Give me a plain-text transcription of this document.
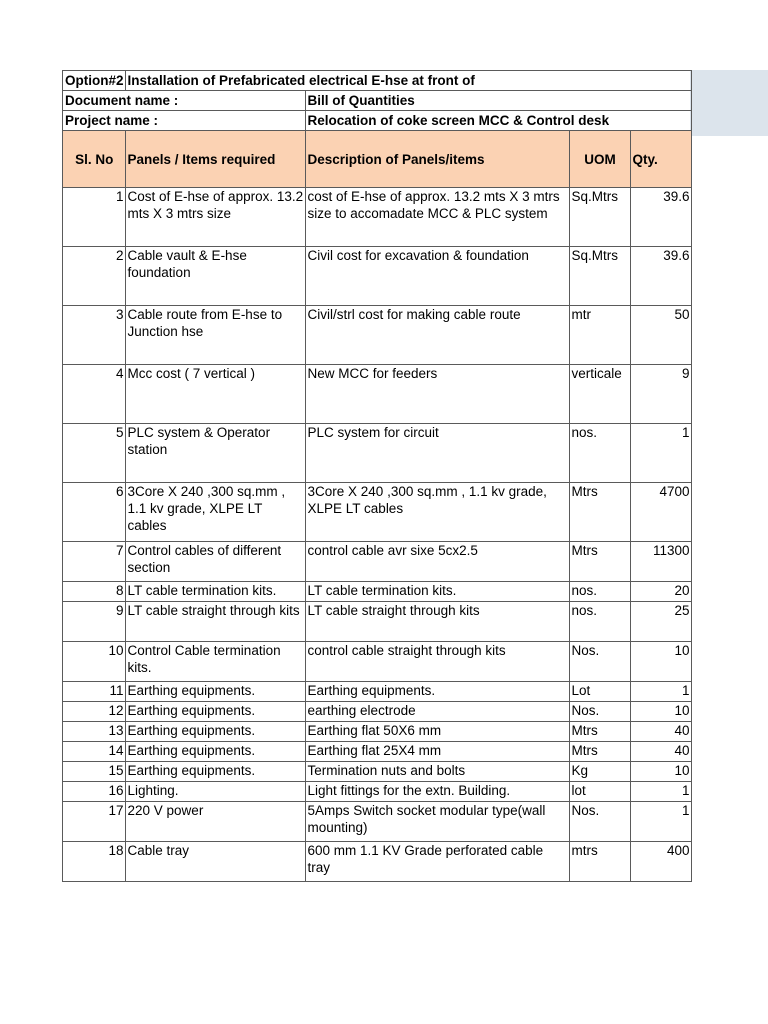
Option#2	Installation of Prefabricated electrical E-hse at front of			
Document name :		Bill of Quantities		
Project name :		Relocation of coke screen MCC & Control desk		
Sl. No	Panels / Items required	Description of Panels/items	UOM	Qty.
1	Cost of E-hse of approx. 13.2 mts X 3 mtrs size	cost of E-hse of approx. 13.2 mts X 3 mtrs size to accomadate MCC & PLC system	Sq.Mtrs	39.6
2	Cable vault & E-hse foundation	Civil cost for excavation & foundation	Sq.Mtrs	39.6
3	Cable route from E-hse to Junction hse	Civil/strl cost for making cable route	mtr	50
4	Mcc cost ( 7 vertical )	New MCC for feeders	verticale	9
5	PLC system & Operator station	PLC system for circuit	nos.	1
6	3Core X 240 ,300 sq.mm , 1.1 kv grade, XLPE LT cables	3Core X 240 ,300 sq.mm , 1.1 kv grade, XLPE LT cables	Mtrs	4700
7	Control cables of different section	control cable avr sixe 5cx2.5	Mtrs	11300
8	LT cable termination kits.	LT cable termination kits.	nos.	20
9	LT cable straight through kits	LT cable straight through kits	nos.	25
10	Control Cable termination kits.	control cable straight through kits	Nos.	10
11	Earthing equipments.	Earthing equipments.	Lot	1
12	Earthing equipments.	earthing electrode	Nos.	10
13	Earthing equipments.	Earthing flat 50X6 mm	Mtrs	40
14	Earthing equipments.	Earthing flat 25X4 mm	Mtrs	40
15	Earthing equipments.	Termination nuts and bolts	Kg	10
16	Lighting.	Light fittings for the extn. Building.	lot	1
17	220 V power	5Amps Switch socket modular type(wall mounting)	Nos.	1
18	Cable tray	600 mm 1.1 KV Grade perforated cable tray	mtrs	400
